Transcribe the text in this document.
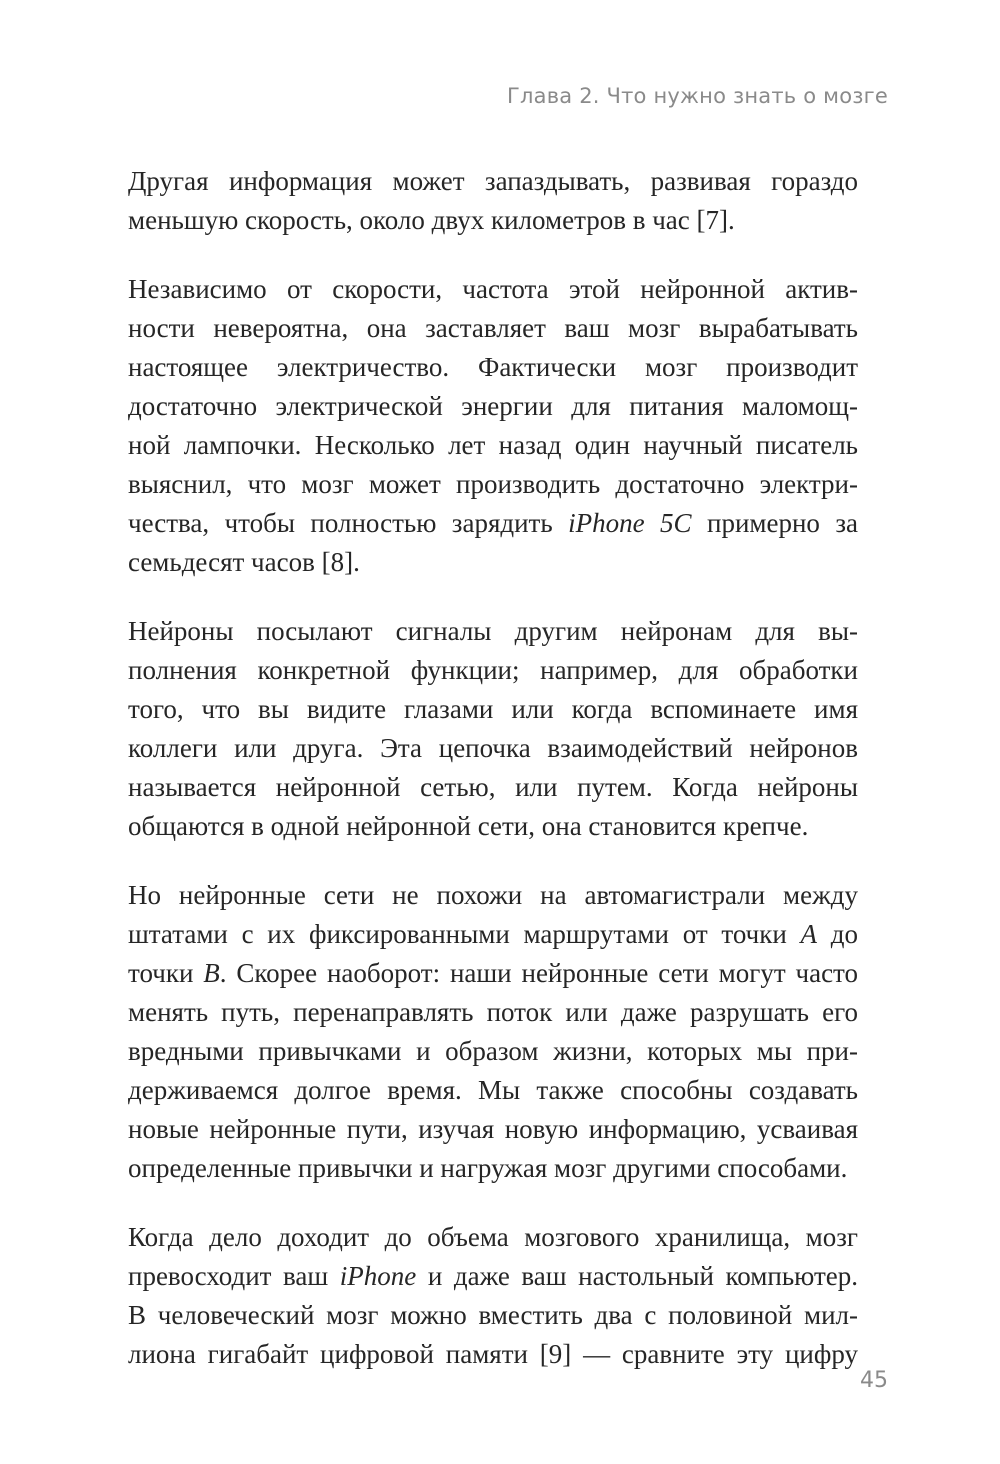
Глава 2. Что нужно знать о мозге

Другая информация может запаздывать, развивая гораздо
меньшую скорость, около двух километров в час [7].

Независимо от скорости, частота этой нейронной актив-
ности невероятна, она заставляет ваш мозг вырабатывать
настоящее электричество. Фактически мозг производит
достаточно электрической энергии для питания маломощ-
ной лампочки. Несколько лет назад один научный писатель
выяснил, что мозг может производить достаточно электри-
чества, чтобы полностью зарядить iPhone 5C примерно за
семьдесят часов [8].

Нейроны посылают сигналы другим нейронам для вы-
полнения конкретной функции; например, для обработки
того, что вы видите глазами или когда вспоминаете имя
коллеги или друга. Эта цепочка взаимодействий нейронов
называется нейронной сетью, или путем. Когда нейроны
общаются в одной нейронной сети, она становится крепче.

Но нейронные сети не похожи на автомагистрали между
штатами с их фиксированными маршрутами от точки A до
точки B. Скорее наоборот: наши нейронные сети могут часто
менять путь, перенаправлять поток или даже разрушать его
вредными привычками и образом жизни, которых мы при-
держиваемся долгое время. Мы также способны создавать
новые нейронные пути, изучая новую информацию, усваивая
определенные привычки и нагружая мозг другими способами.

Когда дело доходит до объема мозгового хранилища, мозг
превосходит ваш iPhone и даже ваш настольный компьютер.
В человеческий мозг можно вместить два с половиной мил-
лиона гигабайт цифровой памяти [9] — сравните эту цифру

45
